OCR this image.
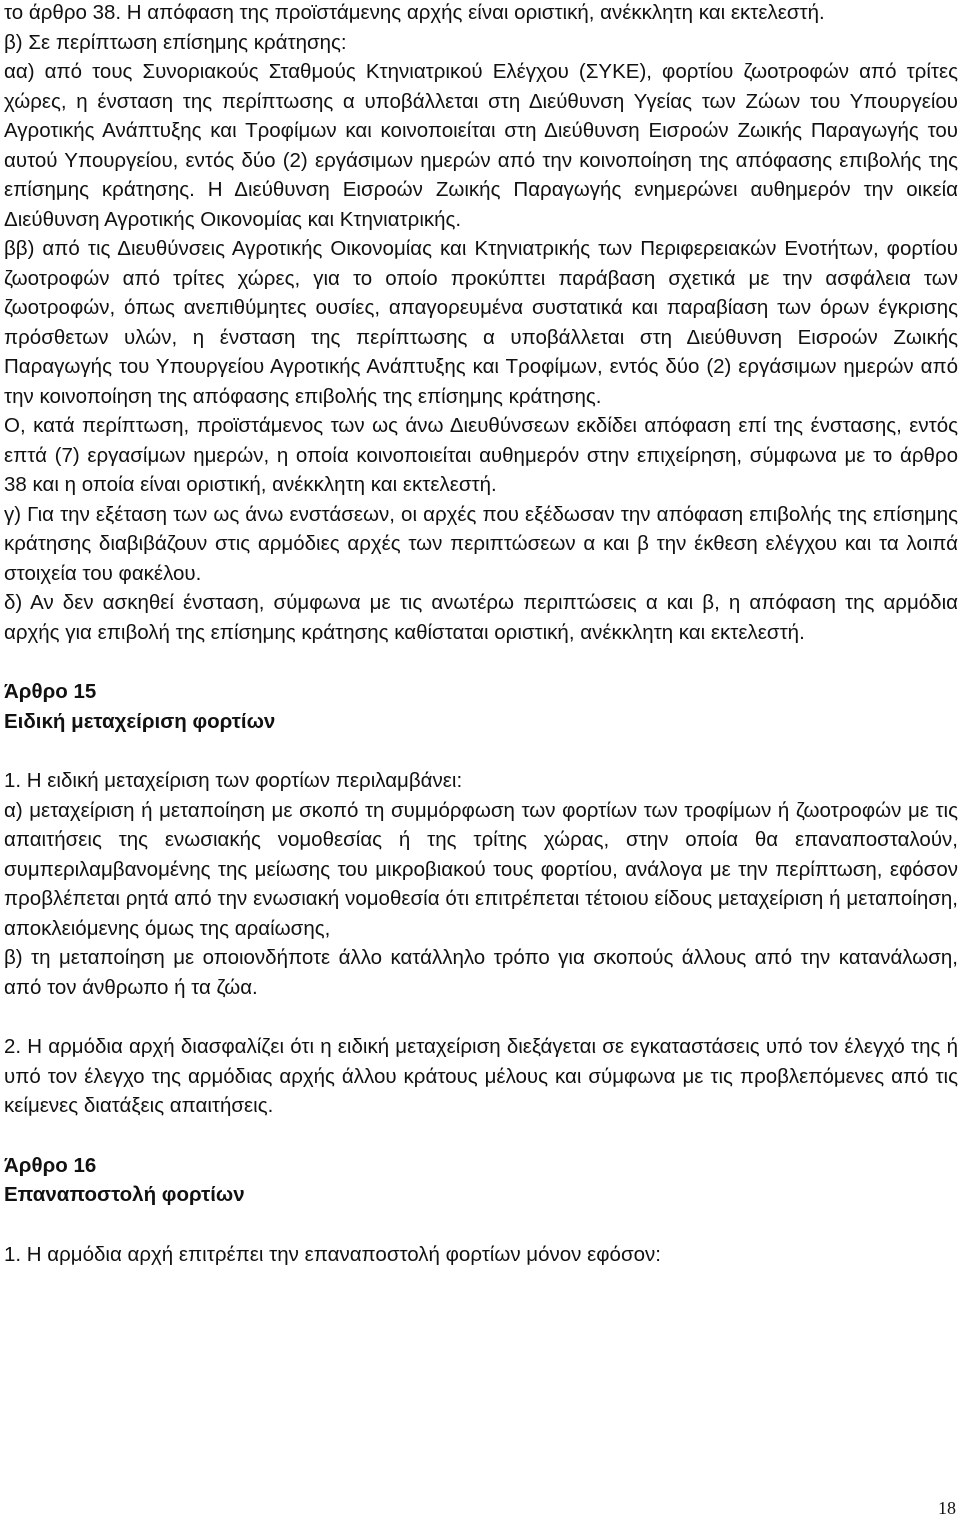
το άρθρο 38. Η απόφαση της προϊστάμενης αρχής είναι οριστική, ανέκκλητη και εκτελεστή.

β) Σε περίπτωση επίσημης κράτησης:

αα) από τους Συνοριακούς Σταθμούς Κτηνιατρικού Ελέγχου (ΣΥΚΕ), φορτίου ζωοτροφών από τρίτες χώρες, η ένσταση της περίπτωσης α υποβάλλεται στη Διεύθυνση Υγείας των Ζώων του Υπουργείου Αγροτικής Ανάπτυξης και Τροφίμων και κοινοποιείται στη Διεύθυνση Εισροών Ζωικής Παραγωγής του αυτού Υπουργείου, εντός δύο (2) εργάσιμων ημερών από την κοινοποίηση της απόφασης επιβολής της επίσημης κράτησης. Η Διεύθυνση Εισροών Ζωικής Παραγωγής ενημερώνει αυθημερόν την οικεία Διεύθυνση Αγροτικής Οικονομίας και Κτηνιατρικής.

ββ) από τις Διευθύνσεις Αγροτικής Οικονομίας και Κτηνιατρικής των Περιφερειακών Ενοτήτων, φορτίου ζωοτροφών από τρίτες χώρες, για το οποίο προκύπτει παράβαση σχετικά με την ασφάλεια των ζωοτροφών, όπως ανεπιθύμητες ουσίες, απαγορευμένα συστατικά και παραβίαση των όρων έγκρισης πρόσθετων υλών, η ένσταση της περίπτωσης α υποβάλλεται στη Διεύθυνση Εισροών Ζωικής Παραγωγής του Υπουργείου Αγροτικής Ανάπτυξης και Τροφίμων, εντός δύο (2) εργάσιμων ημερών από την κοινοποίηση της απόφασης επιβολής της επίσημης κράτησης.

Ο, κατά περίπτωση, προϊστάμενος των ως άνω Διευθύνσεων εκδίδει απόφαση επί της ένστασης, εντός επτά (7) εργασίμων ημερών, η οποία κοινοποιείται αυθημερόν στην επιχείρηση, σύμφωνα με το άρθρο 38 και η οποία είναι οριστική, ανέκκλητη και εκτελεστή.

γ) Για την εξέταση των ως άνω ενστάσεων, οι αρχές που εξέδωσαν την απόφαση επιβολής της επίσημης κράτησης διαβιβάζουν στις αρμόδιες αρχές των περιπτώσεων α και β την έκθεση ελέγχου και τα λοιπά στοιχεία του φακέλου.

δ) Αν δεν ασκηθεί ένσταση, σύμφωνα με τις ανωτέρω περιπτώσεις α και β, η απόφαση της αρμόδια αρχής για επιβολή της επίσημης κράτησης καθίσταται οριστική, ανέκκλητη και εκτελεστή.

Άρθρο 15

Ειδική μεταχείριση φορτίων

1. Η ειδική μεταχείριση των φορτίων περιλαμβάνει:

α) μεταχείριση ή μεταποίηση με σκοπό τη συμμόρφωση των φορτίων των τροφίμων ή ζωοτροφών με τις απαιτήσεις της ενωσιακής νομοθεσίας ή της τρίτης χώρας, στην οποία θα επαναποσταλούν, συμπεριλαμβανομένης της μείωσης του μικροβιακού τους φορτίου, ανάλογα με την περίπτωση, εφόσον προβλέπεται ρητά από την ενωσιακή νομοθεσία ότι επιτρέπεται τέτοιου είδους μεταχείριση ή μεταποίηση, αποκλειόμενης όμως της αραίωσης,

β) τη μεταποίηση με οποιονδήποτε άλλο κατάλληλο τρόπο για σκοπούς άλλους από την κατανάλωση, από τον άνθρωπο ή τα ζώα.

2. Η αρμόδια αρχή διασφαλίζει ότι η ειδική μεταχείριση διεξάγεται σε εγκαταστάσεις υπό τον έλεγχό της ή υπό τον έλεγχο της αρμόδιας αρχής άλλου κράτους μέλους και σύμφωνα με τις προβλεπόμενες από τις κείμενες διατάξεις απαιτήσεις.

Άρθρο 16

Επαναποστολή φορτίων

1. Η αρμόδια αρχή επιτρέπει την επαναποστολή φορτίων μόνον εφόσον:

18
